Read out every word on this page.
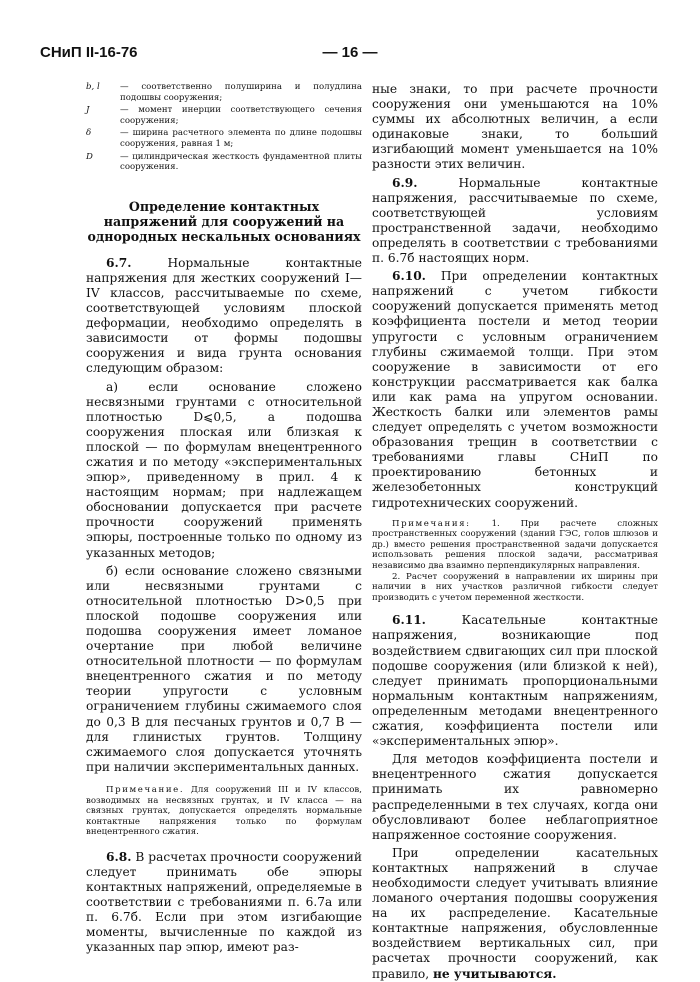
СНиП II-16-76	— 16 —
b, l	— соответственно полуширина и полудлина подошвы сооружения;
J	— момент инерции соответствующего сечения сооружения;
δ	— ширина расчетного элемента по длине подошвы сооружения, равная 1 м;
D	— цилиндрическая жесткость фундаментной плиты сооружения.

Определение контактных напряжений для сооружений на однородных нескальных основаниях

6.7.	Нормальные контактные напряжения для жестких сооружений I—IV классов, рассчитываемые по схеме, соответствующей условиям плоской деформации, необходимо определять в зависимости от формы подошвы сооружения и вида грунта основания следующим образом:

а) если основание сложено несвязными грунтами с относительной плотностью D⩽0,5, а подошва сооружения плоская или близкая к плоской — по формулам внецентренного сжатия и по методу «экспериментальных эпюр», приведенному в прил. 4 к настоящим нормам; при надлежащем обосновании допускается при расчете прочности сооружений применять эпюры, построенные только по одному из указанных методов;

б) если основание сложено связными или несвязными грунтами с относительной плотностью D>0,5 при плоской подошве сооружения или подошва сооружения имеет ломаное очертание при любой величине относительной плотности — по формулам внецентренного сжатия и по методу теории упругости с условным ограничением глубины сжимаемого слоя до 0,3 B для песчаных грунтов и 0,7 B — для глинистых грунтов. Толщину сжимаемого слоя допускается уточнять при наличии экспериментальных данных.

Примечание. Для сооружений III и IV классов, возводимых на несвязных грунтах, и IV класса — на связных грунтах, допускается определять нормальные контактные напряжения только по формулам внецентренного сжатия.

6.8. В расчетах прочности сооружений следует принимать обе эпюры контактных напряжений, определяемые в соответствии с требованиями п. 6.7а или п. 6.7б. Если при этом изгибающие моменты, вычисленные по каждой из указанных пар эпюр, имеют раз-

ные знаки, то при расчете прочности сооружения они уменьшаются на 10% суммы их абсолютных величин, а если одинаковые знаки, то больший изгибающий момент уменьшается на 10% разности этих величин.

6.9.	Нормальные контактные напряжения, рассчитываемые по схеме, соответствующей условиям пространственной задачи, необходимо определять в соответствии с требованиями п. 6.7б настоящих норм.

6.10. При определении контактных напряжений с учетом гибкости сооружений допускается применять метод коэффициента постели и метод теории упругости с условным ограничением глубины сжимаемой толщи. При этом сооружение в зависимости от его конструкции рассматривается как балка или как рама на упругом основании. Жесткость балки или элементов рамы следует определять с учетом возможности образования трещин в соответствии с требованиями главы СНиП по проектированию бетонных и железобетонных конструкций гидротехнических сооружений.

Примечания: 1. При расчете сложных пространственных сооружений (зданий ГЭС, голов шлюзов и др.) вместо решения пространственной задачи допускается использовать решения плоской задачи, рассматривая независимо два взаимно перпендикулярных направления.

2. Расчет сооружений в направлении их ширины при наличии в них участков различной гибкости следует производить с учетом переменной жесткости.

6.11.	Касательные контактные напряжения, возникающие под воздействием сдвигающих сил при плоской подошве сооружения (или близкой к ней), следует принимать пропорциональными нормальным контактным напряжениям, определенным методами внецентренного сжатия, коэффициента постели или «экспериментальных эпюр».

Для методов коэффициента постели и внецентренного сжатия допускается принимать их равномерно распределенными в тех случаях, когда они обусловливают более неблагоприятное напряженное состояние сооружения.

При определении касательных контактных напряжений в случае необходимости следует учитывать влияние ломаного очертания подошвы сооружения на их распределение. Касательные контактные напряжения, обусловленные воздействием вертикальных сил, при расчетах прочности сооружений, как правило, не учитываются.
